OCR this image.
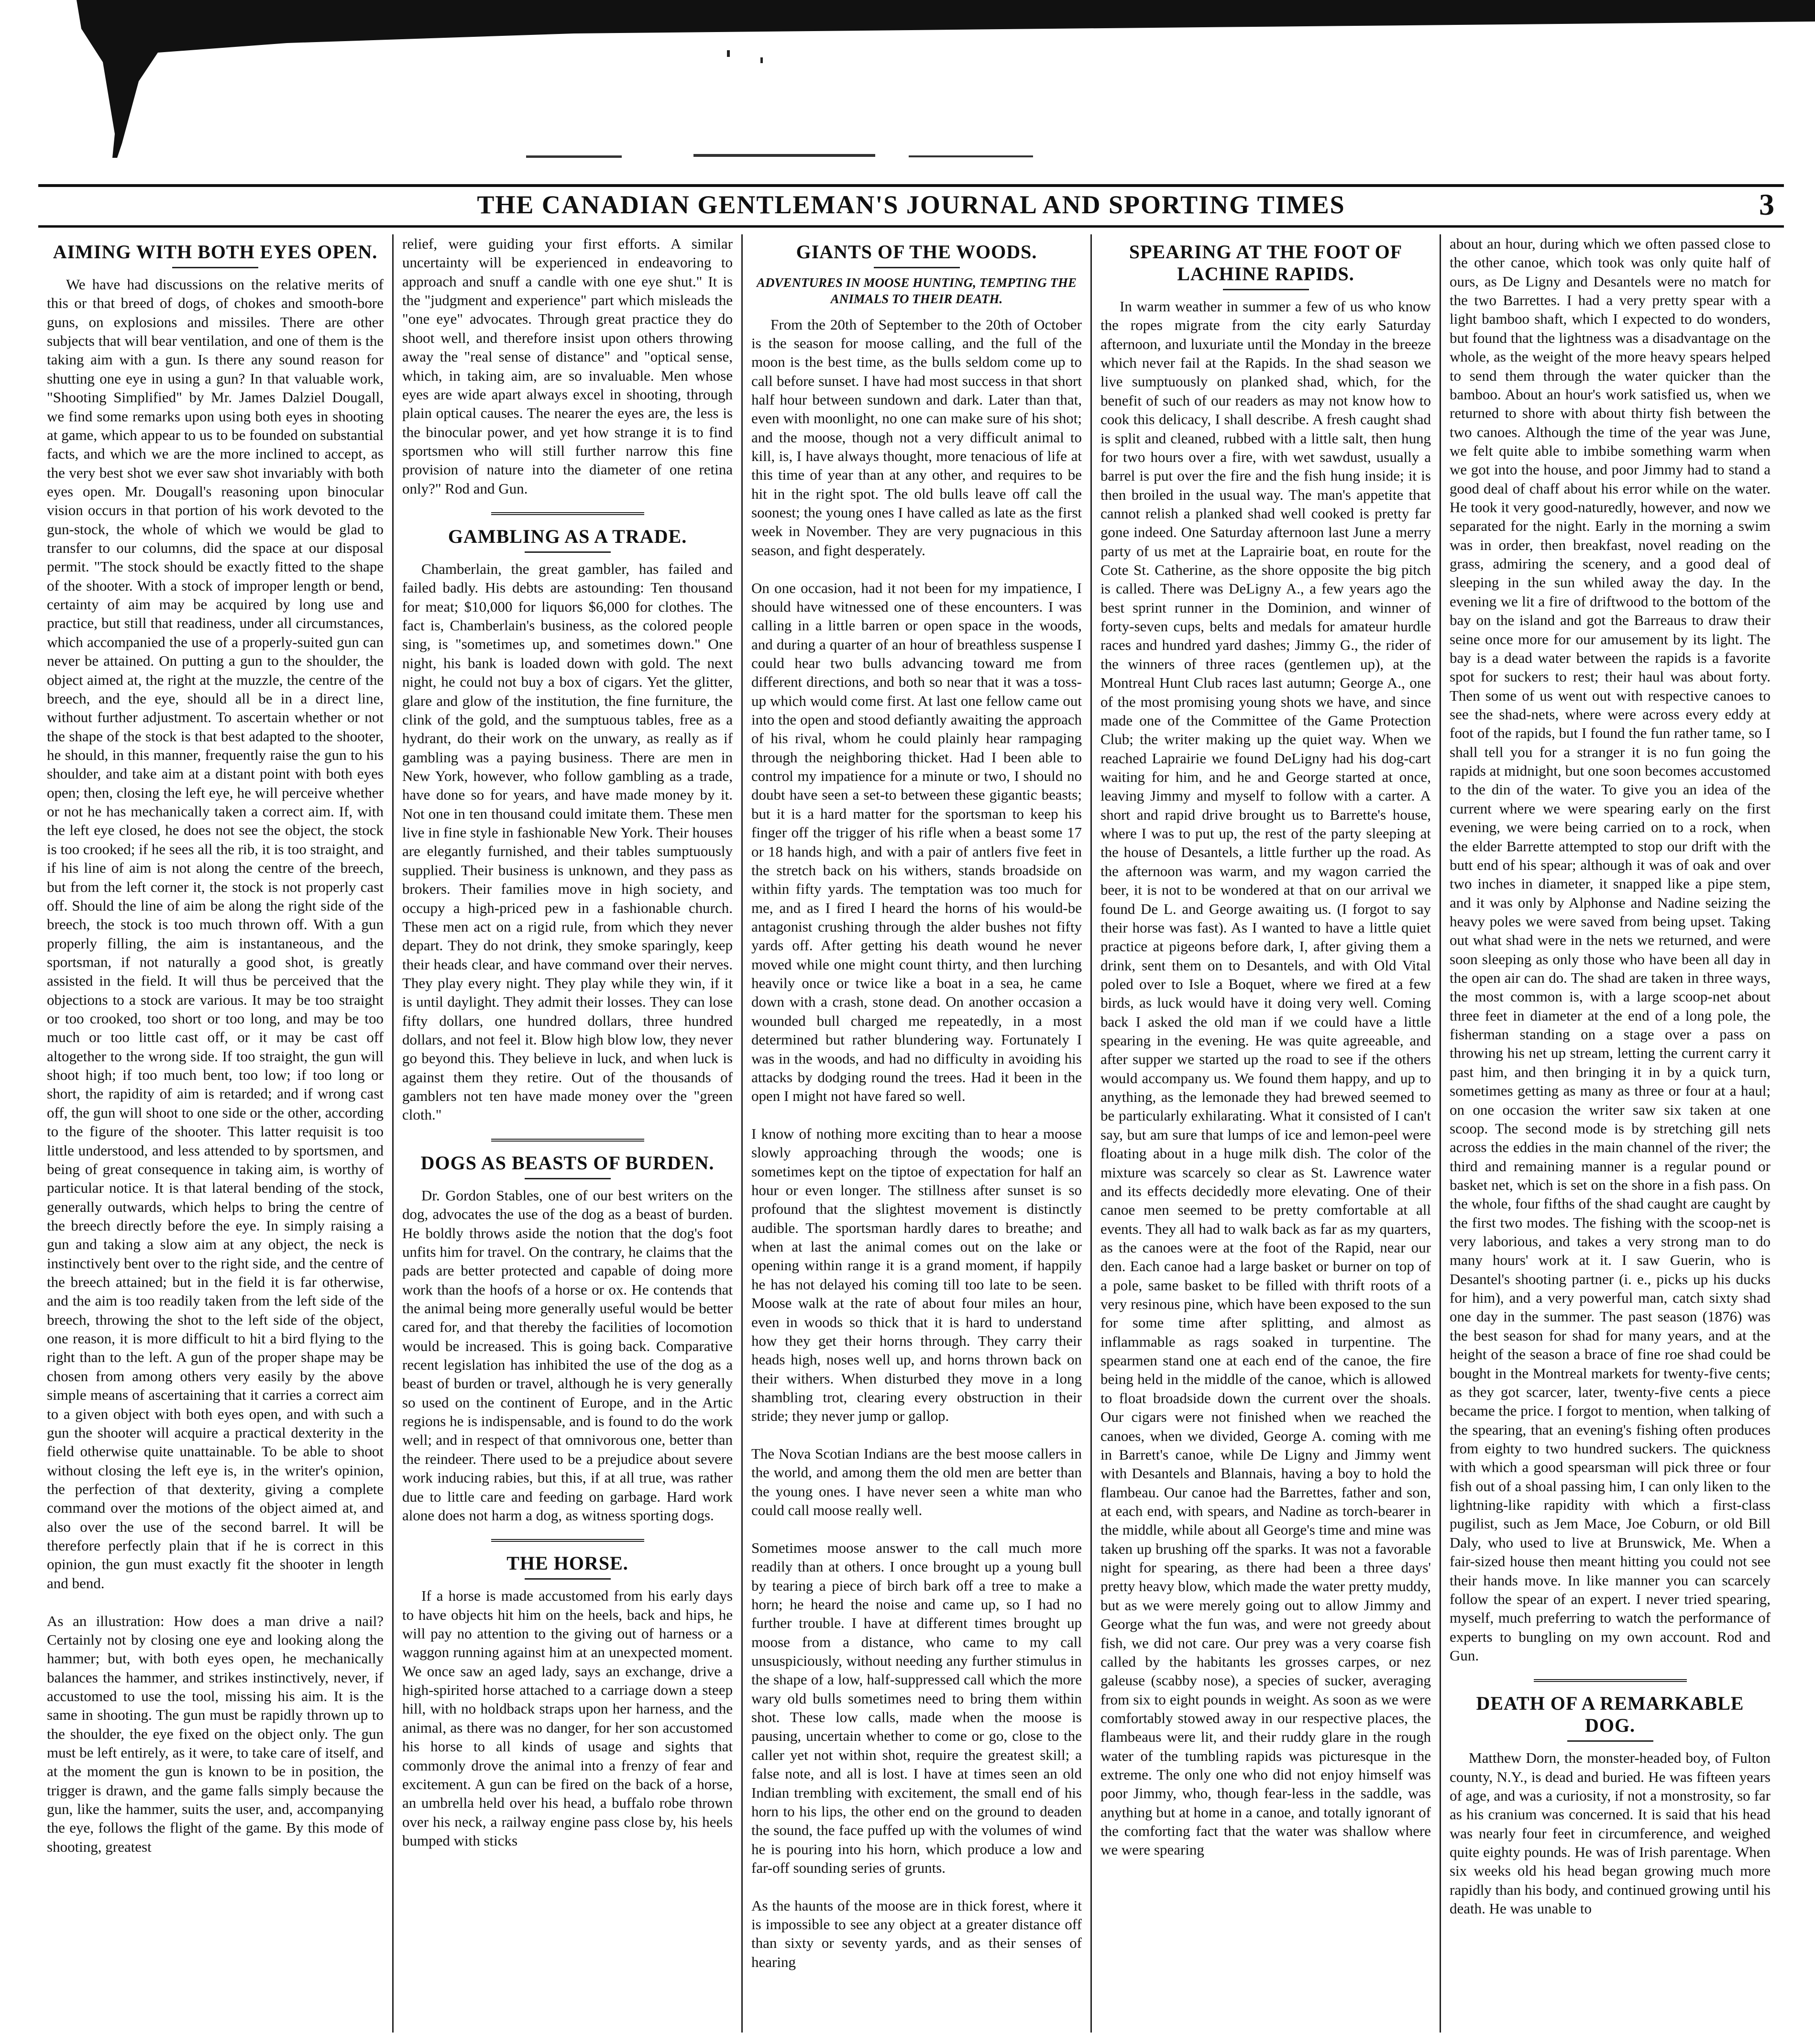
THE CANADIAN GENTLEMAN'S JOURNAL AND SPORTING TIMES	3
AIMING WITH BOTH EYES OPEN.

We have had discussions on the relative merits of this or that breed of dogs, of chokes and smooth-bore guns, on explosions and missiles. There are other subjects that will bear ventilation, and one of them is the taking aim with a gun. Is there any sound reason for shutting one eye in using a gun? In that valuable work, "Shooting Simplified" by Mr. James Dalziel Dougall, we find some remarks upon using both eyes in shooting at game, which appear to us to be founded on substantial facts, and which we are the more inclined to accept, as the very best shot we ever saw shot invariably with both eyes open. Mr. Dougall's reasoning upon binocular vision occurs in that portion of his work devoted to the gun-stock, the whole of which we would be glad to transfer to our columns, did the space at our disposal permit. "The stock should be exactly fitted to the shape of the shooter. With a stock of improper length or bend, certainty of aim may be acquired by long use and practice, but still that readiness, under all circumstances, which accompanied the use of a properly-suited gun can never be attained. On putting a gun to the shoulder, the object aimed at, the right at the muzzle, the centre of the breech, and the eye, should all be in a direct line, without further adjustment. To ascertain whether or not the shape of the stock is that best adapted to the shooter, he should, in this manner, frequently raise the gun to his shoulder, and take aim at a distant point with both eyes open; then, closing the left eye, he will perceive whether or not he has mechanically taken a correct aim. If, with the left eye closed, he does not see the object, the stock is too crooked; if he sees all the rib, it is too straight, and if his line of aim is not along the centre of the breech, but from the left corner it, the stock is not properly cast off. Should the line of aim be along the right side of the breech, the stock is too much thrown off. With a gun properly filling, the aim is instantaneous, and the sportsman, if not naturally a good shot, is greatly assisted in the field. It will thus be perceived that the objections to a stock are various. It may be too straight or too crooked, too short or too long, and may be too much or too little cast off, or it may be cast off altogether to the wrong side. If too straight, the gun will shoot high; if too much bent, too low; if too long or short, the rapidity of aim is retarded; and if wrong cast off, the gun will shoot to one side or the other, according to the figure of the shooter. This latter requisit is too little understood, and less attended to by sportsmen, and being of great consequence in taking aim, is worthy of particular notice. It is that lateral bending of the stock, generally outwards, which helps to bring the centre of the breech directly before the eye. In simply raising a gun and taking a slow aim at any object, the neck is instinctively bent over to the right side, and the centre of the breech attained; but in the field it is far otherwise, and the aim is too readily taken from the left side of the breech, throwing the shot to the left side of the object, one reason, it is more difficult to hit a bird flying to the right than to the left. A gun of the proper shape may be chosen from among others very easily by the above simple means of ascertaining that it carries a correct aim to a given object with both eyes open, and with such a gun the shooter will acquire a practical dexterity in the field otherwise quite unattainable. To be able to shoot without closing the left eye is, in the writer's opinion, the perfection of that dexterity, giving a complete command over the motions of the object aimed at, and also over the use of the second barrel. It will be therefore perfectly plain that if he is correct in this opinion, the gun must exactly fit the shooter in length and bend.

As an illustration: How does a man drive a nail? Certainly not by closing one eye and looking along the hammer; but, with both eyes open, he mechanically balances the hammer, and strikes instinctively, never, if accustomed to use the tool, missing his aim. It is the same in shooting. The gun must be rapidly thrown up to the shoulder, the eye fixed on the object only. The gun must be left entirely, as it were, to take care of itself, and at the moment the gun is known to be in position, the trigger is drawn, and the game falls simply because the gun, like the hammer, suits the user, and, accompanying the eye, follows the flight of the game. By this mode of shooting, greatest

relief, were guiding your first efforts. A similar uncertainty will be experienced in endeavoring to approach and snuff a candle with one eye shut." It is the "judgment and experience" part which misleads the "one eye" advocates. Through great practice they do shoot well, and therefore insist upon others throwing away the "real sense of distance" and "optical sense, which, in taking aim, are so invaluable. Men whose eyes are wide apart always excel in shooting, through plain optical causes. The nearer the eyes are, the less is the binocular power, and yet how strange it is to find sportsmen who will still further narrow this fine provision of nature into the diameter of one retina only?" Rod and Gun.

GAMBLING AS A TRADE.

Chamberlain, the great gambler, has failed and failed badly. His debts are astounding: Ten thousand for meat; $10,000 for liquors $6,000 for clothes. The fact is, Chamberlain's business, as the colored people sing, is "sometimes up, and sometimes down." One night, his bank is loaded down with gold. The next night, he could not buy a box of cigars. Yet the glitter, glare and glow of the institution, the fine furniture, the clink of the gold, and the sumptuous tables, free as a hydrant, do their work on the unwary, as really as if gambling was a paying business. There are men in New York, however, who follow gambling as a trade, have done so for years, and have made money by it. Not one in ten thousand could imitate them. These men live in fine style in fashionable New York. Their houses are elegantly furnished, and their tables sumptuously supplied. Their business is unknown, and they pass as brokers. Their families move in high society, and occupy a high-priced pew in a fashionable church. These men act on a rigid rule, from which they never depart. They do not drink, they smoke sparingly, keep their heads clear, and have command over their nerves. They play every night. They play while they win, if it is until daylight. They admit their losses. They can lose fifty dollars, one hundred dollars, three hundred dollars, and not feel it. Blow high blow low, they never go beyond this. They believe in luck, and when luck is against them they retire. Out of the thousands of gamblers not ten have made money over the "green cloth."

DOGS AS BEASTS OF BURDEN.

Dr. Gordon Stables, one of our best writers on the dog, advocates the use of the dog as a beast of burden. He boldly throws aside the notion that the dog's foot unfits him for travel. On the contrary, he claims that the pads are better protected and capable of doing more work than the hoofs of a horse or ox. He contends that the animal being more generally useful would be better cared for, and that thereby the facilities of locomotion would be increased. This is going back. Comparative recent legislation has inhibited the use of the dog as a beast of burden or travel, although he is very generally so used on the continent of Europe, and in the Artic regions he is indispensable, and is found to do the work well; and in respect of that omnivorous one, better than the reindeer. There used to be a prejudice about severe work inducing rabies, but this, if at all true, was rather due to little care and feeding on garbage. Hard work alone does not harm a dog, as witness sporting dogs.

THE HORSE.

If a horse is made accustomed from his early days to have objects hit him on the heels, back and hips, he will pay no attention to the giving out of harness or a waggon running against him at an unexpected moment. We once saw an aged lady, says an exchange, drive a high-spirited horse attached to a carriage down a steep hill, with no holdback straps upon her harness, and the animal, as there was no danger, for her son accustomed his horse to all kinds of usage and sights that commonly drove the animal into a frenzy of fear and excitement. A gun can be fired on the back of a horse, an umbrella held over his head, a buffalo robe thrown over his neck, a railway engine pass close by, his heels bumped with sticks

GIANTS OF THE WOODS.
ADVENTURES IN MOOSE HUNTING, TEMPTING THE ANIMALS TO THEIR DEATH.

From the 20th of September to the 20th of October is the season for moose calling, and the full of the moon is the best time, as the bulls seldom come up to call before sunset. I have had most success in that short half hour between sundown and dark. Later than that, even with moonlight, no one can make sure of his shot; and the moose, though not a very difficult animal to kill, is, I have always thought, more tenacious of life at this time of year than at any other, and requires to be hit in the right spot. The old bulls leave off call the soonest; the young ones I have called as late as the first week in November. They are very pugnacious in this season, and fight desperately.

On one occasion, had it not been for my impatience, I should have witnessed one of these encounters. I was calling in a little barren or open space in the woods, and during a quarter of an hour of breathless suspense I could hear two bulls advancing toward me from different directions, and both so near that it was a toss-up which would come first. At last one fellow came out into the open and stood defiantly awaiting the approach of his rival, whom he could plainly hear rampaging through the neighboring thicket. Had I been able to control my impatience for a minute or two, I should no doubt have seen a set-to between these gigantic beasts; but it is a hard matter for the sportsman to keep his finger off the trigger of his rifle when a beast some 17 or 18 hands high, and with a pair of antlers five feet in the stretch back on his withers, stands broadside on within fifty yards. The temptation was too much for me, and as I fired I heard the horns of his would-be antagonist crushing through the alder bushes not fifty yards off. After getting his death wound he never moved while one might count thirty, and then lurching heavily once or twice like a boat in a sea, he came down with a crash, stone dead. On another occasion a wounded bull charged me repeatedly, in a most determined but rather blundering way. Fortunately I was in the woods, and had no difficulty in avoiding his attacks by dodging round the trees. Had it been in the open I might not have fared so well.

I know of nothing more exciting than to hear a moose slowly approaching through the woods; one is sometimes kept on the tiptoe of expectation for half an hour or even longer. The stillness after sunset is so profound that the slightest movement is distinctly audible. The sportsman hardly dares to breathe; and when at last the animal comes out on the lake or opening within range it is a grand moment, if happily he has not delayed his coming till too late to be seen. Moose walk at the rate of about four miles an hour, even in woods so thick that it is hard to understand how they get their horns through. They carry their heads high, noses well up, and horns thrown back on their withers. When disturbed they move in a long shambling trot, clearing every obstruction in their stride; they never jump or gallop.

The Nova Scotian Indians are the best moose callers in the world, and among them the old men are better than the young ones. I have never seen a white man who could call moose really well.

Sometimes moose answer to the call much more readily than at others. I once brought up a young bull by tearing a piece of birch bark off a tree to make a horn; he heard the noise and came up, so I had no further trouble. I have at different times brought up moose from a distance, who came to my call unsuspiciously, without needing any further stimulus in the shape of a low, half-suppressed call which the more wary old bulls sometimes need to bring them within shot. These low calls, made when the moose is pausing, uncertain whether to come or go, close to the caller yet not within shot, require the greatest skill; a false note, and all is lost. I have at times seen an old Indian trembling with excitement, the small end of his horn to his lips, the other end on the ground to deaden the sound, the face puffed up with the volumes of wind he is pouring into his horn, which produce a low and far-off sounding series of grunts.

As the haunts of the moose are in thick forest, where it is impossible to see any object at a greater distance off than sixty or seventy yards, and as their senses of hearing

SPEARING AT THE FOOT OF LACHINE RAPIDS.

In warm weather in summer a few of us who know the ropes migrate from the city early Saturday afternoon, and luxuriate until the Monday in the breeze which never fail at the Rapids. In the shad season we live sumptuously on planked shad, which, for the benefit of such of our readers as may not know how to cook this delicacy, I shall describe. A fresh caught shad is split and cleaned, rubbed with a little salt, then hung for two hours over a fire, with wet sawdust, usually a barrel is put over the fire and the fish hung inside; it is then broiled in the usual way. The man's appetite that cannot relish a planked shad well cooked is pretty far gone indeed. One Saturday afternoon last June a merry party of us met at the Laprairie boat, en route for the Cote St. Catherine, as the shore opposite the big pitch is called. There was DeLigny A., a few years ago the best sprint runner in the Dominion, and winner of forty-seven cups, belts and medals for amateur hurdle races and hundred yard dashes; Jimmy G., the rider of the winners of three races (gentlemen up), at the Montreal Hunt Club races last autumn; George A., one of the most promising young shots we have, and since made one of the Committee of the Game Protection Club; the writer making up the quiet way. When we reached Laprairie we found DeLigny had his dog-cart waiting for him, and he and George started at once, leaving Jimmy and myself to follow with a carter. A short and rapid drive brought us to Barrette's house, where I was to put up, the rest of the party sleeping at the house of Desantels, a little further up the road. As the afternoon was warm, and my wagon carried the beer, it is not to be wondered at that on our arrival we found De L. and George awaiting us. (I forgot to say their horse was fast). As I wanted to have a little quiet practice at pigeons before dark, I, after giving them a drink, sent them on to Desantels, and with Old Vital poled over to Isle a Boquet, where we fired at a few birds, as luck would have it doing very well. Coming back I asked the old man if we could have a little spearing in the evening. He was quite agreeable, and after supper we started up the road to see if the others would accompany us. We found them happy, and up to anything, as the lemonade they had brewed seemed to be particularly exhilarating. What it consisted of I can't say, but am sure that lumps of ice and lemon-peel were floating about in a huge milk dish. The color of the mixture was scarcely so clear as St. Lawrence water and its effects decidedly more elevating. One of their canoe men seemed to be pretty comfortable at all events. They all had to walk back as far as my quarters, as the canoes were at the foot of the Rapid, near our den. Each canoe had a large basket or burner on top of a pole, same basket to be filled with thrift roots of a very resinous pine, which have been exposed to the sun for some time after splitting, and almost as inflammable as rags soaked in turpentine. The spearmen stand one at each end of the canoe, the fire being held in the middle of the canoe, which is allowed to float broadside down the current over the shoals. Our cigars were not finished when we reached the canoes, when we divided, George A. coming with me in Barrett's canoe, while De Ligny and Jimmy went with Desantels and Blannais, having a boy to hold the flambeau. Our canoe had the Barrettes, father and son, at each end, with spears, and Nadine as torch-bearer in the middle, while about all George's time and mine was taken up brushing off the sparks. It was not a favorable night for spearing, as there had been a three days' pretty heavy blow, which made the water pretty muddy, but as we were merely going out to allow Jimmy and George what the fun was, and were not greedy about fish, we did not care. Our prey was a very coarse fish called by the habitants les grosses carpes, or nez galeuse (scabby nose), a species of sucker, averaging from six to eight pounds in weight. As soon as we were comfortably stowed away in our respective places, the flambeaus were lit, and their ruddy glare in the rough water of the tumbling rapids was picturesque in the extreme. The only one who did not enjoy himself was poor Jimmy, who, though fear-less in the saddle, was anything but at home in a canoe, and totally ignorant of the comforting fact that the water was shallow where we were spearing

about an hour, during which we often passed close to the other canoe, which took was only quite half of ours, as De Ligny and Desantels were no match for the two Barrettes. I had a very pretty spear with a light bamboo shaft, which I expected to do wonders, but found that the lightness was a disadvantage on the whole, as the weight of the more heavy spears helped to send them through the water quicker than the bamboo. About an hour's work satisfied us, when we returned to shore with about thirty fish between the two canoes. Although the time of the year was June, we felt quite able to imbibe something warm when we got into the house, and poor Jimmy had to stand a good deal of chaff about his error while on the water. He took it very good-naturedly, however, and now we separated for the night. Early in the morning a swim was in order, then breakfast, novel reading on the grass, admiring the scenery, and a good deal of sleeping in the sun whiled away the day. In the evening we lit a fire of driftwood to the bottom of the bay on the island and got the Barreaus to draw their seine once more for our amusement by its light. The bay is a dead water between the rapids is a favorite spot for suckers to rest; their haul was about forty. Then some of us went out with respective canoes to see the shad-nets, where were across every eddy at foot of the rapids, but I found the fun rather tame, so I shall tell you for a stranger it is no fun going the rapids at midnight, but one soon becomes accustomed to the din of the water. To give you an idea of the current where we were spearing early on the first evening, we were being carried on to a rock, when the elder Barrette attempted to stop our drift with the butt end of his spear; although it was of oak and over two inches in diameter, it snapped like a pipe stem, and it was only by Alphonse and Nadine seizing the heavy poles we were saved from being upset. Taking out what shad were in the nets we returned, and were soon sleeping as only those who have been all day in the open air can do. The shad are taken in three ways, the most common is, with a large scoop-net about three feet in diameter at the end of a long pole, the fisherman standing on a stage over a pass on throwing his net up stream, letting the current carry it past him, and then bringing it in by a quick turn, sometimes getting as many as three or four at a haul; on one occasion the writer saw six taken at one scoop. The second mode is by stretching gill nets across the eddies in the main channel of the river; the third and remaining manner is a regular pound or basket net, which is set on the shore in a fish pass. On the whole, four fifths of the shad caught are caught by the first two modes. The fishing with the scoop-net is very laborious, and takes a very strong man to do many hours' work at it. I saw Guerin, who is Desantel's shooting partner (i. e., picks up his ducks for him), and a very powerful man, catch sixty shad one day in the summer. The past season (1876) was the best season for shad for many years, and at the height of the season a brace of fine roe shad could be bought in the Montreal markets for twenty-five cents; as they got scarcer, later, twenty-five cents a piece became the price. I forgot to mention, when talking of the spearing, that an evening's fishing often produces from eighty to two hundred suckers. The quickness with which a good spearsman will pick three or four fish out of a shoal passing him, I can only liken to the lightning-like rapidity with which a first-class pugilist, such as Jem Mace, Joe Coburn, or old Bill Daly, who used to live at Brunswick, Me. When a fair-sized house then meant hitting you could not see their hands move. In like manner you can scarcely follow the spear of an expert. I never tried spearing, myself, much preferring to watch the performance of experts to bungling on my own account. Rod and Gun.

DEATH OF A REMARKABLE DOG.

Matthew Dorn, the monster-headed boy, of Fulton county, N.Y., is dead and buried. He was fifteen years of age, and was a curiosity, if not a monstrosity, so far as his cranium was concerned. It is said that his head was nearly four feet in circumference, and weighed quite eighty pounds. He was of Irish parentage. When six weeks old his head began growing much more rapidly than his body, and continued growing until his death. He was unable to
